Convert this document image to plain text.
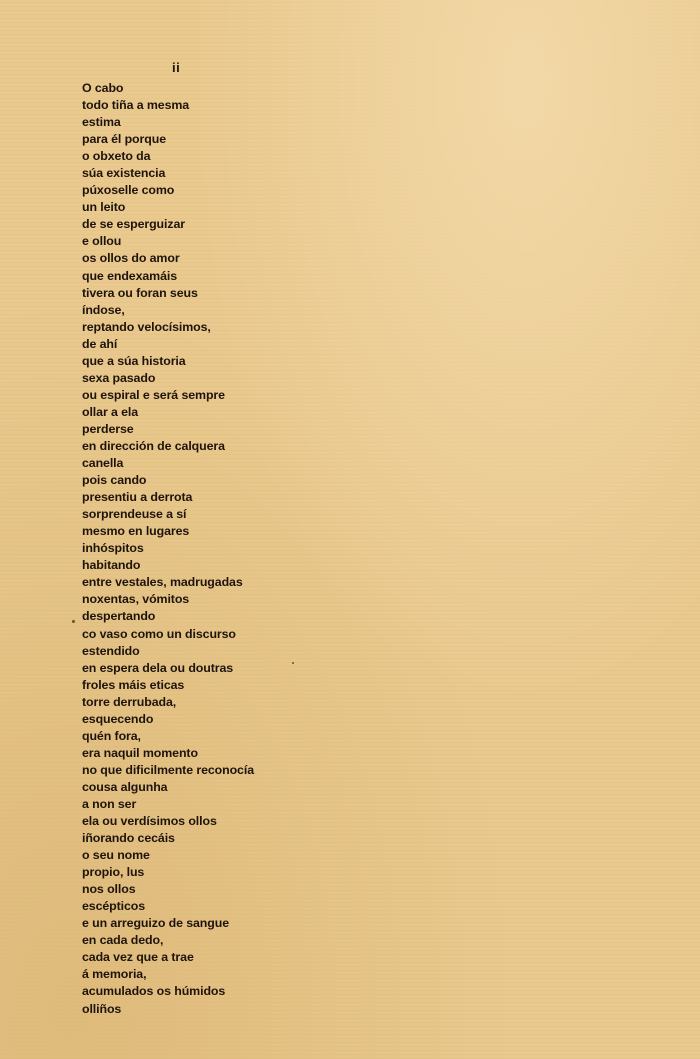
ii
O cabo
todo tiña a mesma
estima
para él porque
o obxeto da
súa existencia
púxoselle como
un leito
de se esperguizar
e ollou
os ollos do amor
que endexamáis
tivera ou foran seus
índose,
reptando velocísimos,
de ahí
que a súa historia
sexa pasado
ou espiral e será sempre
ollar a ela
perderse
en dirección de calquera
canella
pois cando
presentiu a derrota
sorprendeuse a sí
mesmo en lugares
inhóspitos
habitando
entre vestales, madrugadas
noxentas, vómitos
despertando
co vaso como un discurso
estendido
en espera dela ou doutras
froles máis eticas
torre derrubada,
esquecendo
quén fora,
era naquil momento
no que dificilmente reconocía
cousa algunha
a non ser
ela ou verdísimos ollos
iñorando cecáis
o seu nome
propio, lus
nos ollos
escépticos
e un arreguizo de sangue
en cada dedo,
cada vez que a trae
á memoria,
acumulados os húmidos
olliños
